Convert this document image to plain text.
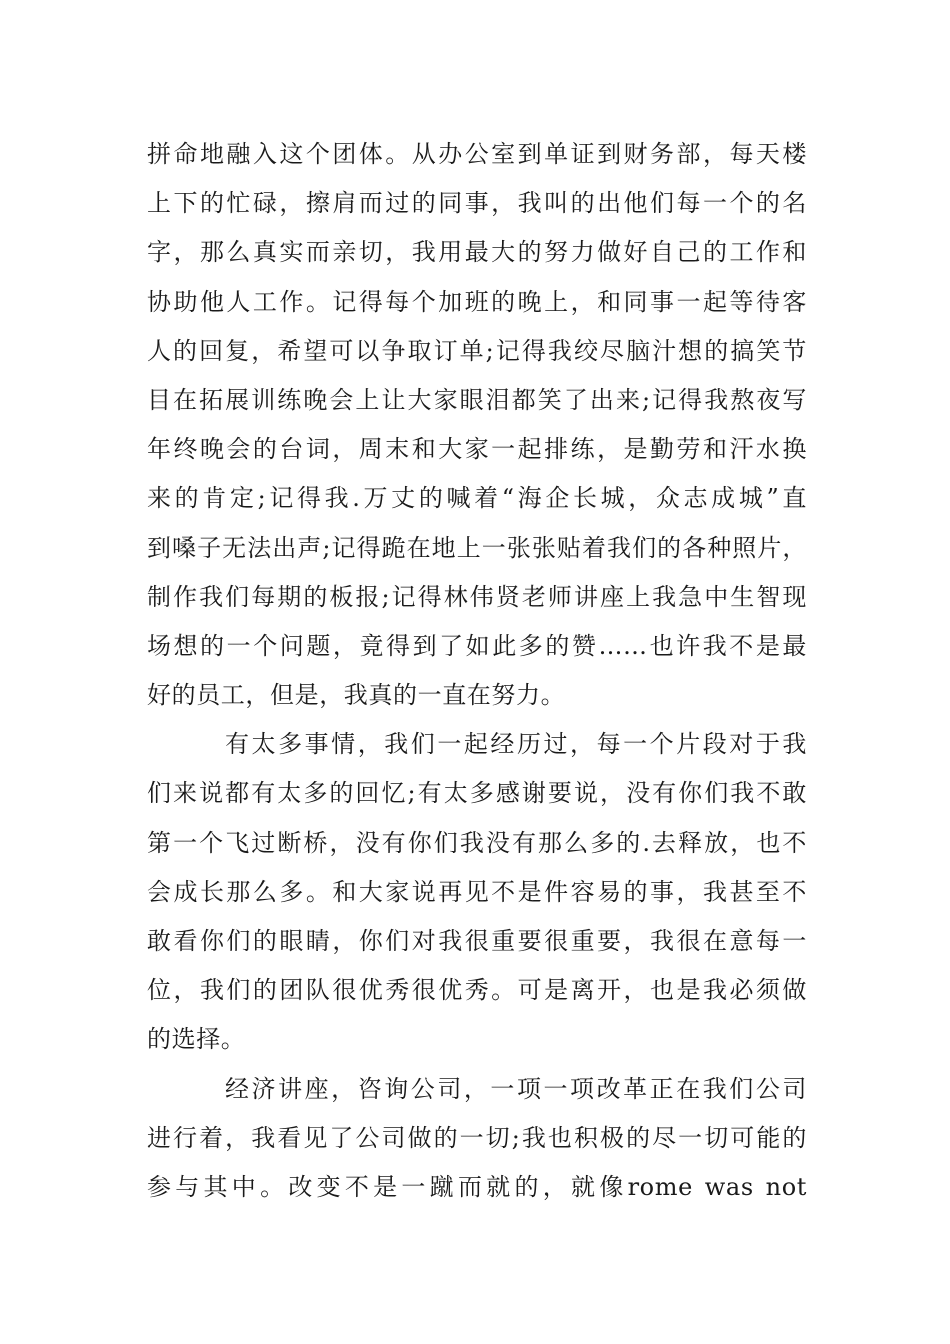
拼命地融入这个团体。从办公室到单证到财务部，每天楼
上下的忙碌，擦肩而过的同事，我叫的出他们每一个的名
字，那么真实而亲切，我用最大的努力做好自己的工作和
协助他人工作。记得每个加班的晚上，和同事一起等待客
人的回复，希望可以争取订单;记得我绞尽脑汁想的搞笑节
目在拓展训练晚会上让大家眼泪都笑了出来;记得我熬夜写
年终晚会的台词，周末和大家一起排练，是勤劳和汗水换
来的肯定;记得我.万丈的喊着“海企长城，众志成城”直
到嗓子无法出声;记得跪在地上一张张贴着我们的各种照片，
制作我们每期的板报;记得林伟贤老师讲座上我急中生智现
场想的一个问题，竟得到了如此多的赞……也许我不是最
好的员工，但是，我真的一直在努力。
有太多事情，我们一起经历过，每一个片段对于我
们来说都有太多的回忆;有太多感谢要说，没有你们我不敢
第一个飞过断桥，没有你们我没有那么多的.去释放，也不
会成长那么多。和大家说再见不是件容易的事，我甚至不
敢看你们的眼睛，你们对我很重要很重要，我很在意每一
位，我们的团队很优秀很优秀。可是离开，也是我必须做
的选择。
经济讲座，咨询公司，一项一项改革正在我们公司
进行着，我看见了公司做的一切;我也积极的尽一切可能的
参与其中。改变不是一蹴而就的，就像rome was not
